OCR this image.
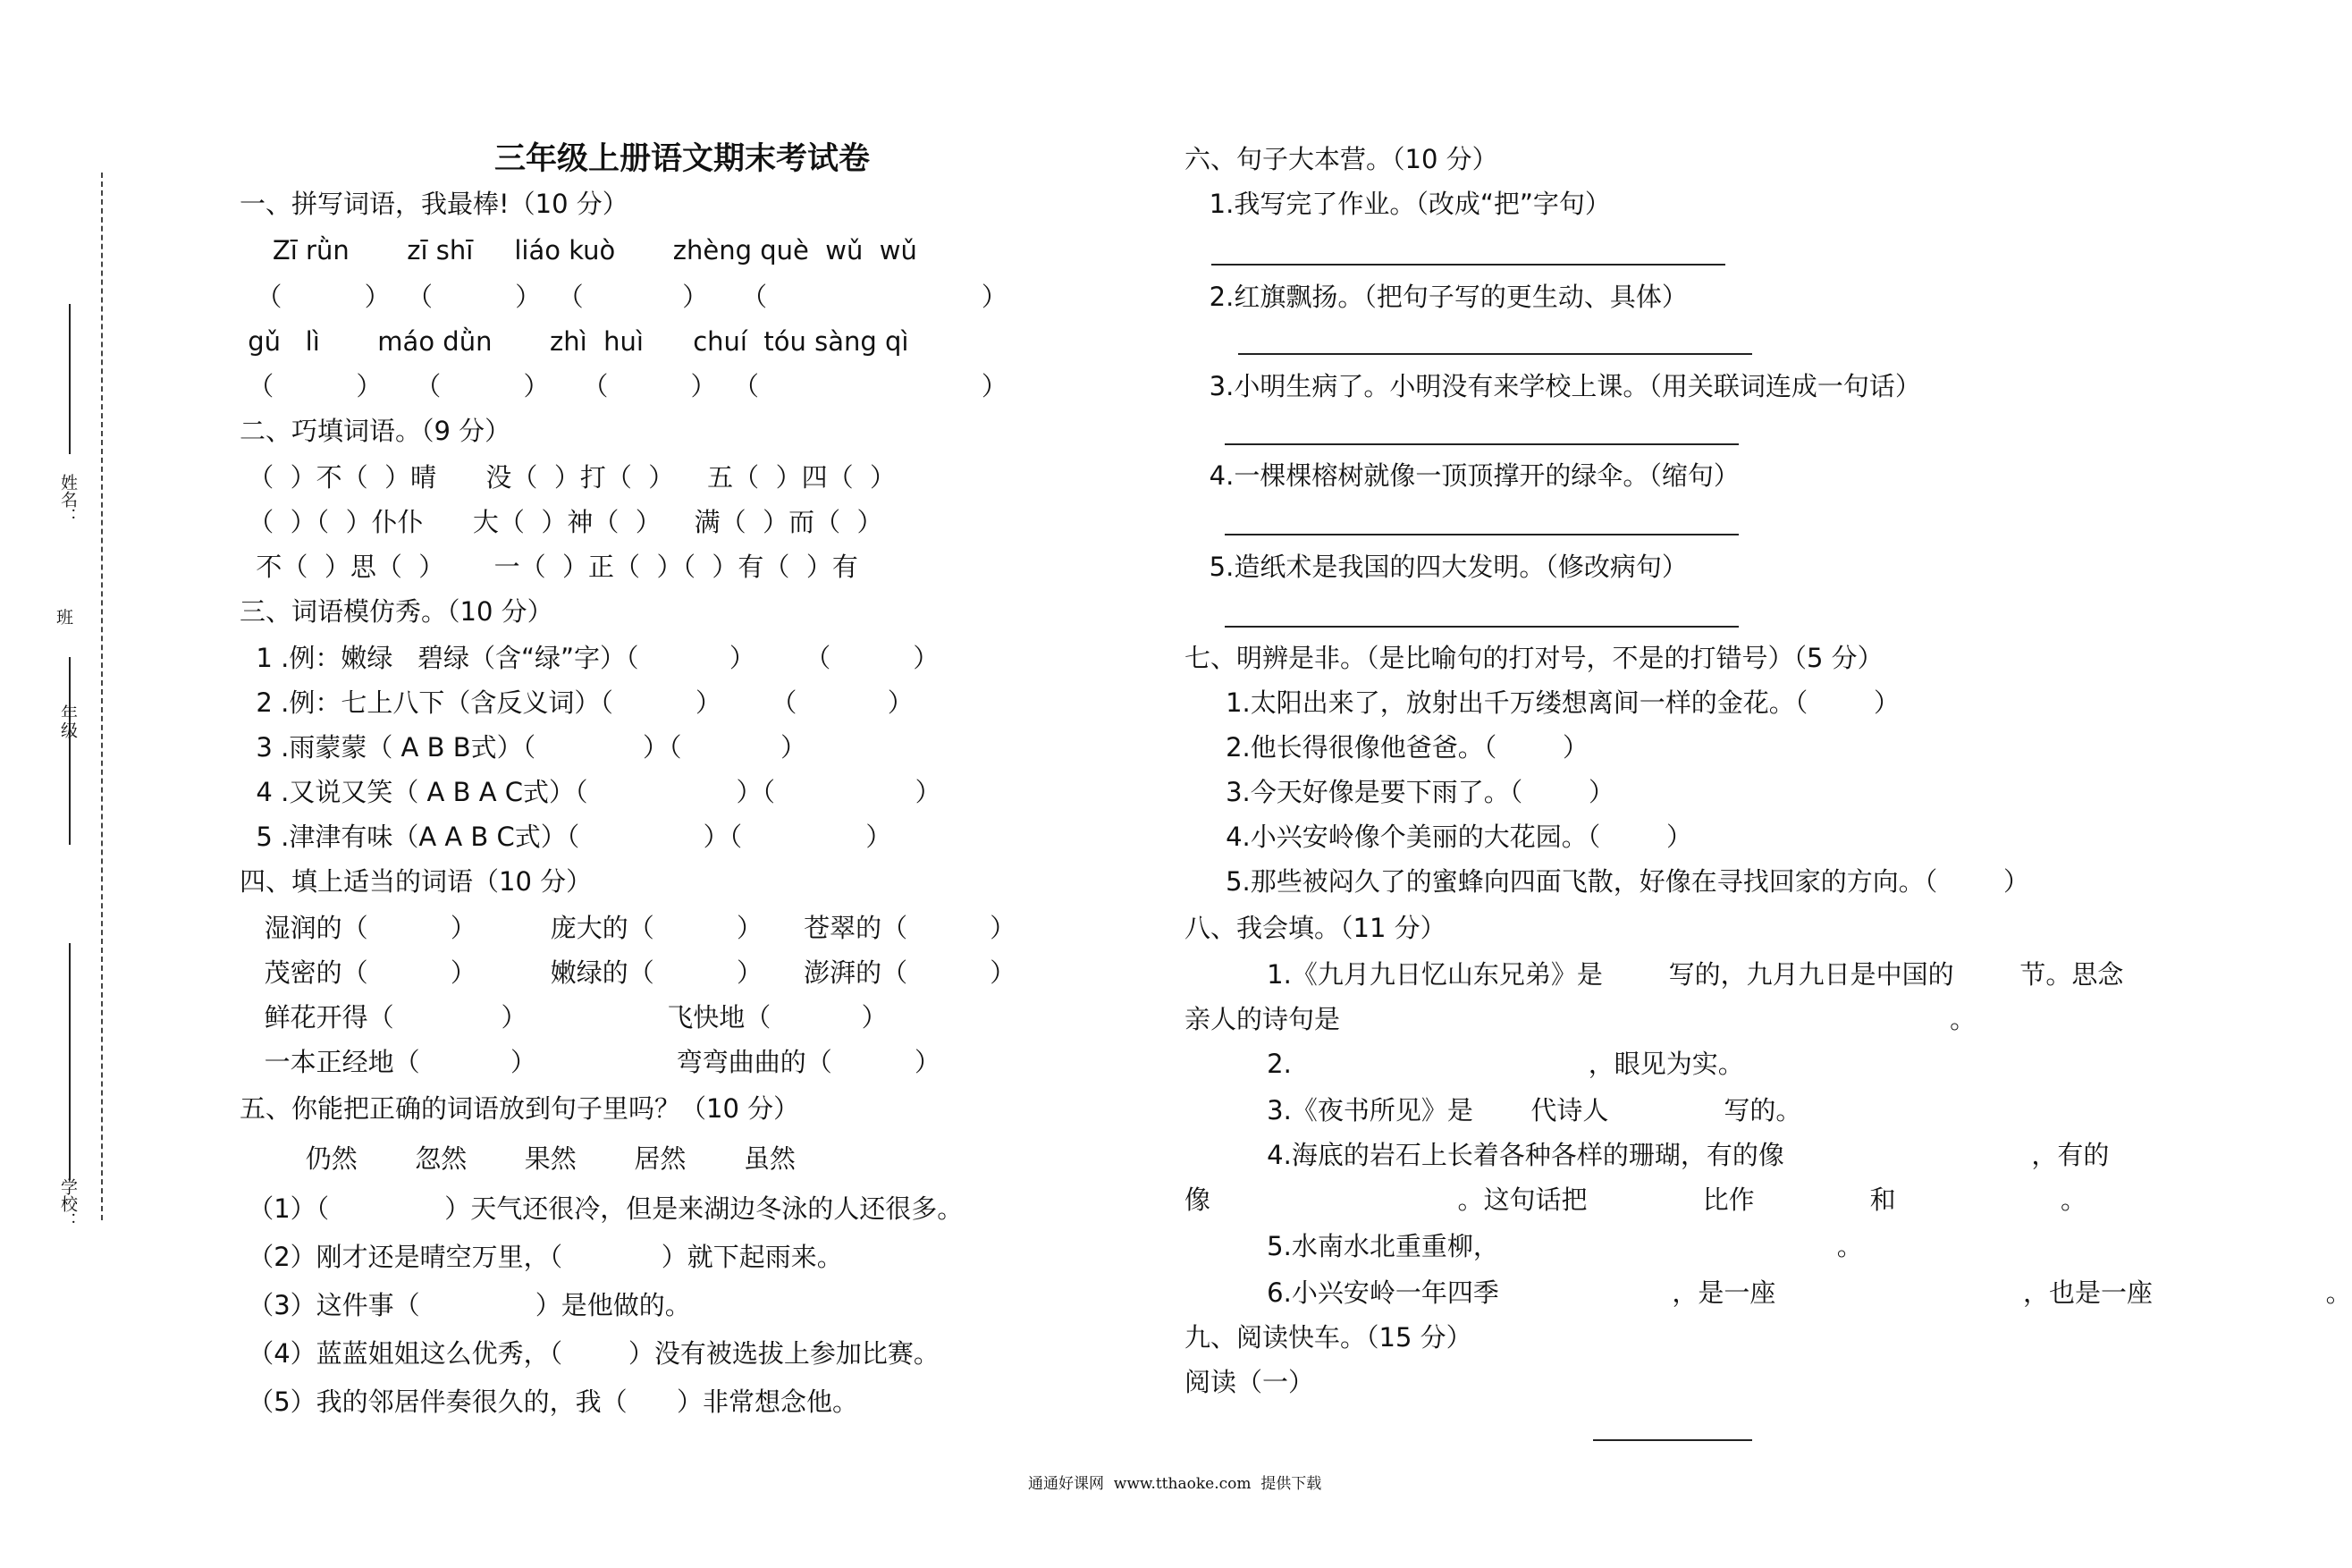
三年级上册语文期末考试卷
姓名：
班
年级
学校：
一、拼写词语，我最棒!（10 分）
Zī rǜn       zī shī     liáo kuò       zhèng què  wǔ  wǔ
（          ）  （          ）  （            ）    （                          ）
gǔ   lì       máo dǜn       zhì  huì      chuí  tóu sàng qì
（          ）    （          ）    （          ）  （                           ）
二、巧填词语。（9 分）
（  ）不（  ）晴      没（  ）打（  ）    五（  ）四（  ）
（  ）（  ）仆仆      大（  ）神（  ）    满（  ）而（  ）
不（  ）思（  ）      一（  ）正（  ）（  ）有（  ）有
三、词语模仿秀。（10 分）
1 .例：嫩绿   碧绿（含“绿”字）（           ）      （          ）
2 .例：七上八下（含反义词）（          ）      （           ）
3 .雨蒙蒙（ A B B式）（             ）（            ）
4 .又说又笑（ A B A C式）（                  ）（                 ）
5 .津津有味（A A B C式）（               ）（               ）
四、填上适当的词语（10 分）
湿润的（          ）         庞大的（          ）     苍翠的（          ）
茂密的（          ）         嫩绿的（          ）     澎湃的（          ）
鲜花开得（             ）                 飞快地（           ）
一本正经地（           ）                 弯弯曲曲的（          ）
五、你能把正确的词语放到句子里吗？（10 分）
仍然       忽然       果然       居然       虽然
（1）（              ）天气还很冷，但是来湖边冬泳的人还很多。
（2）刚才还是晴空万里，（            ）就下起雨来。
（3）这件事（              ）是他做的。
（4）蓝蓝姐姐这么优秀，（        ）没有被选拔上参加比赛。
（5）我的邻居伴奏很久的，我（      ）非常想念他。
六、句子大本营。（10 分）
1.我写完了作业。（改成“把”字句）
2.红旗飘扬。（把句子写的更生动、具体）
3.小明生病了。小明没有来学校上课。（用关联词连成一句话）
4.一棵棵榕树就像一顶顶撑开的绿伞。（缩句）
5.造纸术是我国的四大发明。（修改病句）
七、明辨是非。（是比喻句的打对号，不是的打错号）（5 分）
1.太阳出来了，放射出千万缕想离间一样的金花。（        ）
2.他长得很像他爸爸。（        ）
3.今天好像是要下雨了。（        ）
4.小兴安岭像个美丽的大花园。（        ）
5.那些被闷久了的蜜蜂向四面飞散，好像在寻找回家的方向。（        ）
八、我会填。（11 分）
1.《九月九日忆山东兄弟》是        写的，九月九日是中国的        节。思念
亲人的诗句是                                                                          。
2.                                    ，眼见为实。
3.《夜书所见》是       代诗人              写的。
4.海底的岩石上长着各种各样的珊瑚，有的像                              ，有的
像                              。这句话把              比作              和                    。
5.水南水北重重柳，                                         。
6.小兴安岭一年四季                     ，是一座                              ，也是一座                     。
九、阅读快车。（15 分）
阅读（一）
通通好课网  www.tthaoke.com  提供下载
